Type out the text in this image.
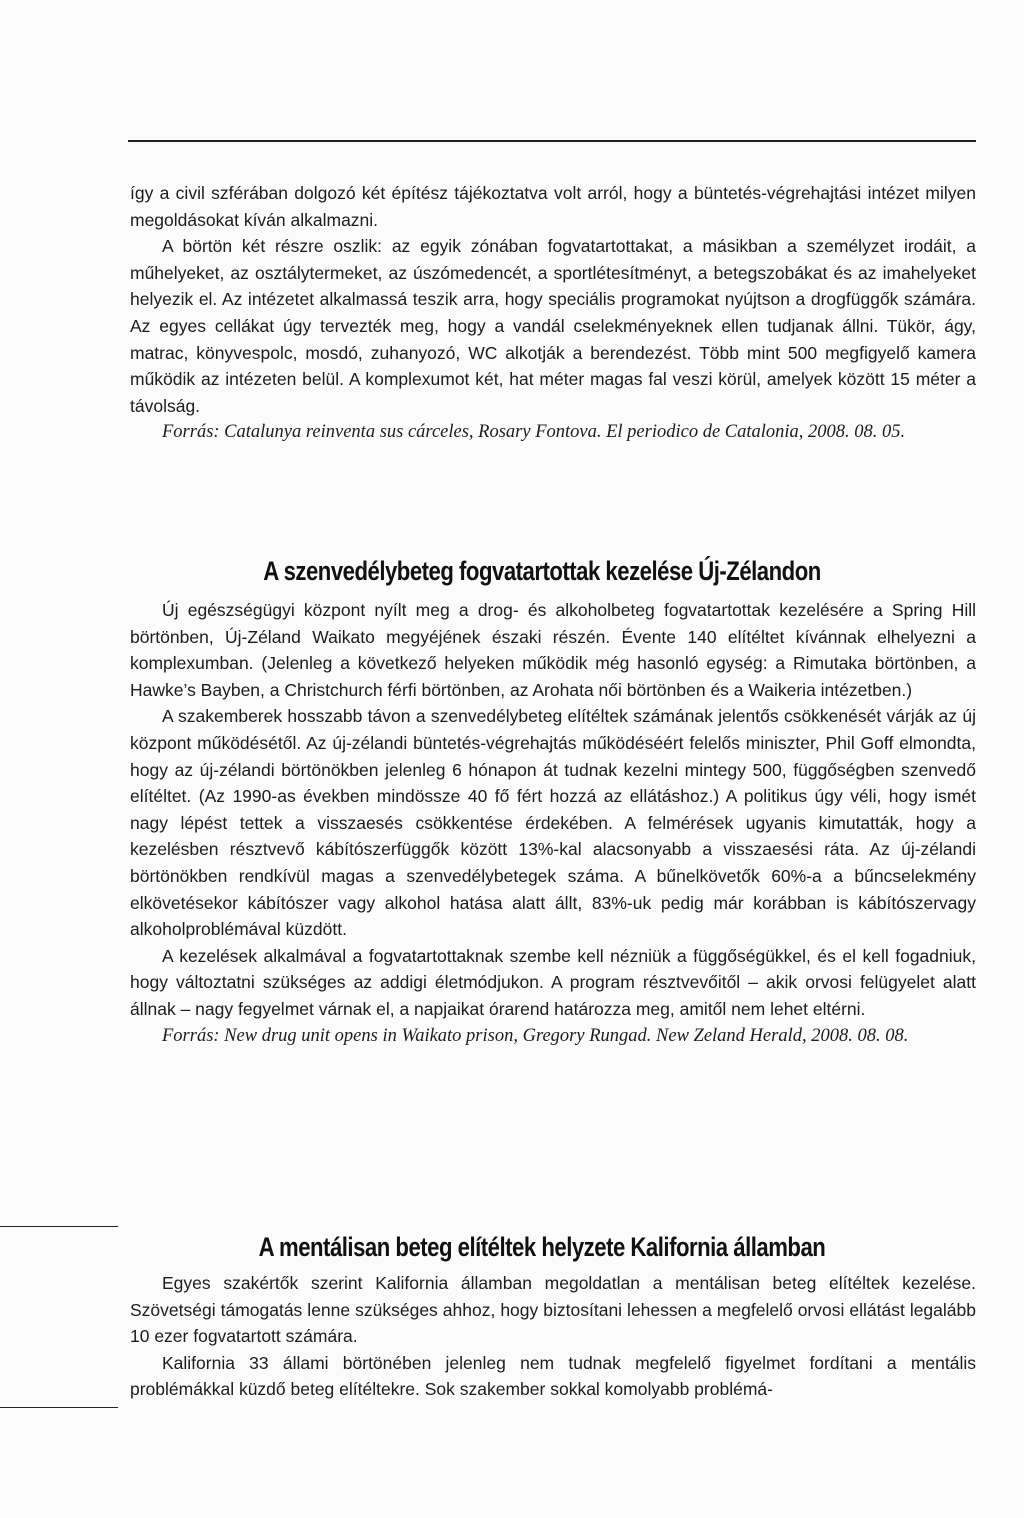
így a civil szférában dolgozó két építész tájékoztatva volt arról, hogy a büntetés-végrehajtási intézet milyen megoldásokat kíván alkalmazni.

A börtön két részre oszlik: az egyik zónában fogvatartottakat, a másikban a személyzet irodáit, a műhelyeket, az osztálytermeket, az úszómedencét, a sportlétesítményt, a betegszobákat és az imahelyeket helyezik el. Az intézetet alkalmassá teszik arra, hogy speciális programokat nyújtson a drogfüggők számára. Az egyes cellákat úgy tervezték meg, hogy a vandál cselekményeknek ellen tudjanak állni. Tükör, ágy, matrac, könyvespolc, mosdó, zuhanyozó, WC alkotják a berendezést. Több mint 500 megfigyelő kamera működik az intézeten belül. A komplexumot két, hat méter magas fal veszi körül, amelyek között 15 méter a távolság.

Forrás: Catalunya reinventa sus cárceles, Rosary Fontova. El periodico de Catalonia, 2008. 08. 05.

A szenvedélybeteg fogvatartottak kezelése Új-Zélandon

Új egészségügyi központ nyílt meg a drog- és alkoholbeteg fogvatartottak kezelésére a Spring Hill börtönben, Új-Zéland Waikato megyéjének északi részén. Évente 140 elítéltet kívánnak elhelyezni a komplexumban. (Jelenleg a következő helyeken működik még hasonló egység: a Rimutaka börtönben, a Hawke’s Bayben, a Christchurch férfi börtönben, az Arohata női börtönben és a Waikeria intézetben.)

A szakemberek hosszabb távon a szenvedélybeteg elítéltek számának jelentős csökkenését várják az új központ működésétől. Az új-zélandi büntetés-végrehajtás működéséért felelős miniszter, Phil Goff elmondta, hogy az új-zélandi börtönökben jelenleg 6 hónapon át tudnak kezelni mintegy 500, függőségben szenvedő elítéltet. (Az 1990-as években mindössze 40 fő fért hozzá az ellátáshoz.) A politikus úgy véli, hogy ismét nagy lépést tettek a visszaesés csökkentése érdekében. A felmérések ugyanis kimutatták, hogy a kezelésben résztvevő kábítószerfüggők között 13%-kal alacsonyabb a visszaesési ráta. Az új-zélandi börtönökben rendkívül magas a szenvedélybetegek száma. A bűnelkövetők 60%-a a bűncselekmény elkövetésekor kábítószer vagy alkohol hatása alatt állt, 83%-uk pedig már korábban is kábítószervagy alkoholproblémával küzdött.

A kezelések alkalmával a fogvatartottaknak szembe kell nézniük a függőségükkel, és el kell fogadniuk, hogy változtatni szükséges az addigi életmódjukon. A program résztvevőitől – akik orvosi felügyelet alatt állnak – nagy fegyelmet várnak el, a napjaikat órarend határozza meg, amitől nem lehet eltérni.

Forrás: New drug unit opens in Waikato prison, Gregory Rungad. New Zeland Herald, 2008. 08. 08.

A mentálisan beteg elítéltek helyzete Kalifornia államban

Egyes szakértők szerint Kalifornia államban megoldatlan a mentálisan beteg elítéltek kezelése. Szövetségi támogatás lenne szükséges ahhoz, hogy biztosítani lehessen a megfelelő orvosi ellátást legalább 10 ezer fogvatartott számára.

Kalifornia 33 állami börtönében jelenleg nem tudnak megfelelő figyelmet fordítani a mentális problémákkal küzdő beteg elítéltekre. Sok szakember sokkal komolyabb problémá-
